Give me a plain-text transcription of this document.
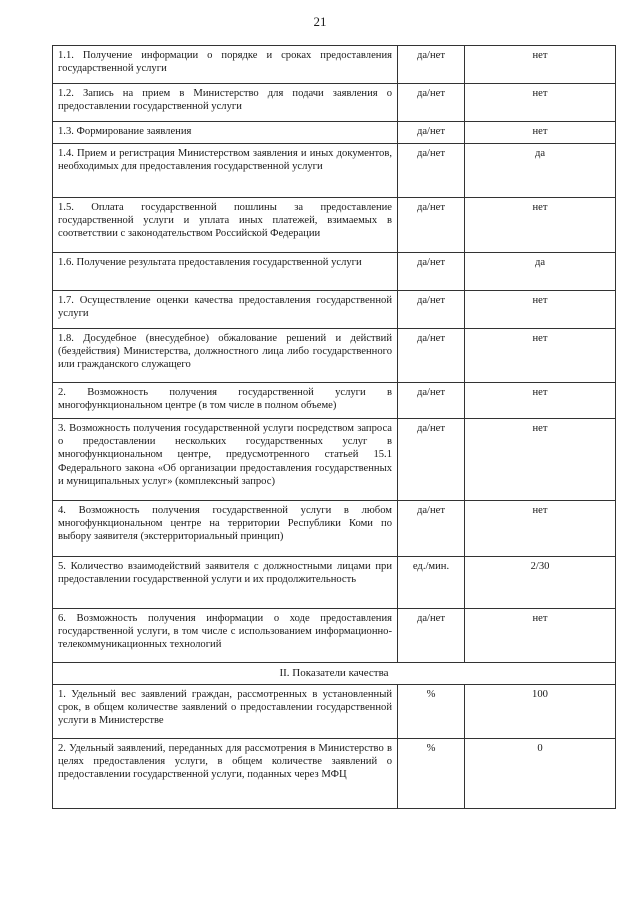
21
1.1. Получение информации о порядке и сроках предоставления государственной услуги	да/нет	нет
1.2. Запись на прием в Министерство для подачи заявления о предоставлении государственной услуги	да/нет	нет
1.3. Формирование заявления	да/нет	нет
1.4. Прием и регистрация Министерством заявления и иных документов, необходимых для предоставления государственной услуги	да/нет	да
1.5. Оплата государственной пошлины за предоставление государственной услуги и уплата иных платежей, взимаемых в соответствии с законодательством Российской Федерации	да/нет	нет
1.6. Получение результата предоставления государственной услуги	да/нет	да
1.7. Осуществление оценки качества предоставления государственной услуги	да/нет	нет
1.8. Досудебное (внесудебное) обжалование решений и действий (бездействия) Министерства, должностного лица либо государственного или гражданского служащего	да/нет	нет
2. Возможность получения государственной услуги в многофункциональном центре (в том числе в полном объеме)	да/нет	нет
3. Возможность получения государственной услуги посредством запроса о предоставлении нескольких государственных услуг в многофункциональном центре, предусмотренного статьей 15.1 Федерального закона «Об организации предоставления государственных и муниципальных услуг» (комплексный запрос)	да/нет	нет
4. Возможность получения государственной услуги в любом многофункциональном центре на территории Республики Коми по выбору заявителя (экстерриториальный принцип)	да/нет	нет
5. Количество взаимодействий заявителя с должностными лицами при предоставлении государственной услуги и их продолжительность	ед./мин.	2/30
6. Возможность получения информации о ходе предоставления государственной услуги, в том числе с использованием информационно-телекоммуникационных технологий	да/нет	нет
II. Показатели качества		
1. Удельный вес заявлений граждан, рассмотренных в установленный срок, в общем количестве заявлений о предоставлении государственной услуги в Министерстве	%	100
2. Удельный заявлений, переданных для рассмотрения в Министерство в целях предоставления услуги, в общем количестве заявлений о предоставлении государственной услуги, поданных через МФЦ	%	0
